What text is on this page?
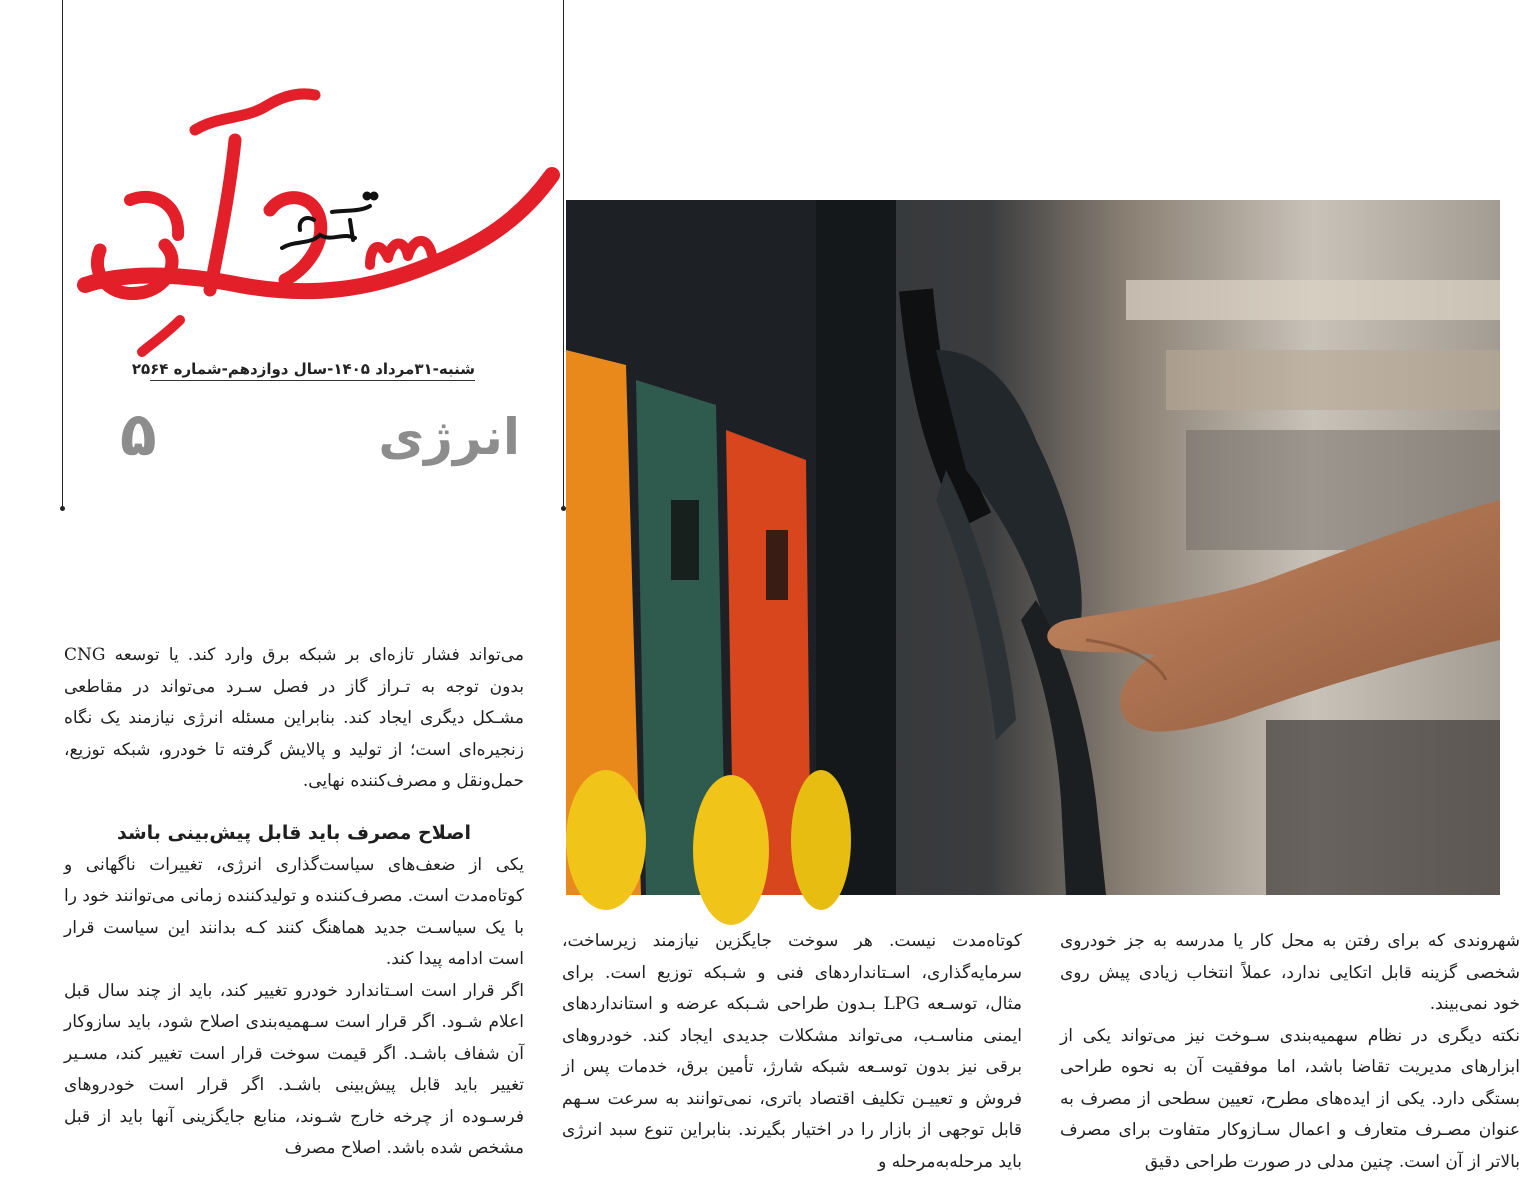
شنبه-۳۱مرداد ۱۴۰۵-سال دوازدهم-شماره ۲۵۶۴
انرژی
۵

می‌تواند فشار تازه‌ای بر شبکه برق وارد کند. یا توسعه CNG بدون توجه به تـراز گاز در فصل سـرد می‌تواند در مقاطعی مشـکل دیگری ایجاد کند. بنابراین مسئله انرژی نیازمند یک نگاه زنجیره‌ای است؛ از تولید و پالایش گرفته تا خودرو، شبکه توزیع، حمل‌ونقل و مصرف‌کننده نهایی.

اصلاح مصرف باید قابل پیش‌بینی باشد

یکی از ضعف‌های سیاست‌گذاری انرژی، تغییرات ناگهانی و کوتاه‌مدت است. مصرف‌کننده و تولیدکننده زمانی می‌توانند خود را با یک سیاسـت جدید هماهنگ کنند کـه بدانند این سیاست قرار است ادامه پیدا کند.

اگر قرار است اسـتاندارد خودرو تغییر کند، باید از چند سال قبل اعلام شـود. اگر قرار است سـهمیه‌بندی اصلاح شود، باید سازوکار آن شفاف باشـد. اگر قیمت سوخت قرار است تغییر کند، مسـیر تغییر باید قابل پیش‌بینی باشـد. اگر قرار است خودروهای فرسـوده از چرخه خارج شـوند، منابع جایگزینی آنها باید از قبل مشخص شده باشد. اصلاح مصرف

کوتاه‌مدت نیست. هر سوخت جایگزین نیازمند زیرساخت، سرمایه‌گذاری، اسـتانداردهای فنی و شـبکه توزیع است. برای مثال، توسـعه LPG بـدون طراحی شـبکه عرضه و استانداردهای ایمنی مناسـب، می‌تواند مشکلات جدیدی ایجاد کند. خودروهای برقی نیز بدون توسـعه شبکه شارژ، تأمین برق، خدمات پس از فروش و تعییـن تکلیف اقتصاد باتری، نمی‌توانند به سرعت سـهم قابل توجهی از بازار را در اختیار بگیرند. بنابراین تنوع سبد انرژی باید مرحله‌به‌مرحله و

شهروندی که برای رفتن به محل کار یا مدرسه به جز خودروی شخصی گزینه قابل اتکایی ندارد، عملاً انتخاب زیادی پیش روی خود نمی‌بیند.

نکته دیگری در نظام سهمیه‌بندی سـوخت نیز می‌تواند یکی از ابزارهای مدیریت تقاضا باشد، اما موفقیت آن به نحوه طراحی بستگی دارد. یکی از ایده‌های مطرح، تعیین سطحی از مصرف به عنوان مصـرف متعارف و اعمال سـازوکار متفاوت برای مصرف بالاتر از آن است. چنین مدلی در صورت طراحی دقیق
